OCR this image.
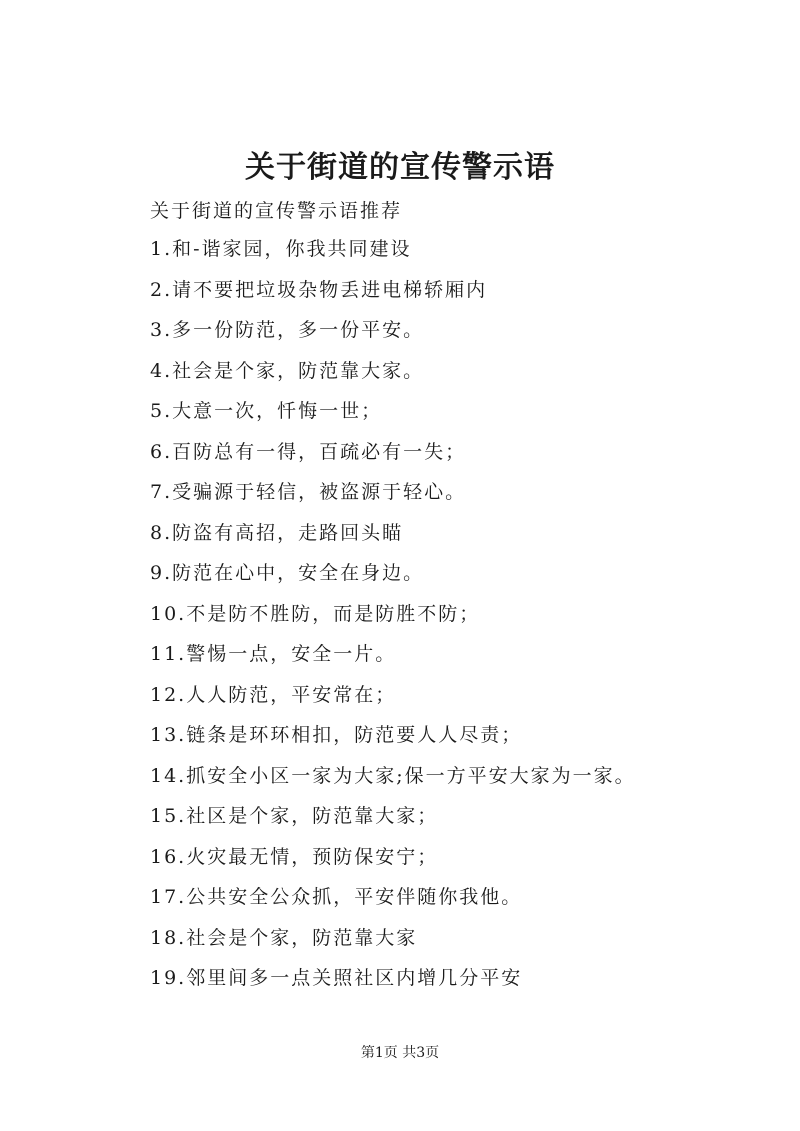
关于街道的宣传警示语
关于街道的宣传警示语推荐
1.和-谐家园，你我共同建设
2.请不要把垃圾杂物丢进电梯轿厢内
3.多一份防范，多一份平安。
4.社会是个家，防范靠大家。
5.大意一次，忏悔一世；
6.百防总有一得，百疏必有一失；
7.受骗源于轻信，被盗源于轻心。
8.防盗有高招，走路回头瞄
9.防范在心中，安全在身边。
10.不是防不胜防，而是防胜不防；
11.警惕一点，安全一片。
12.人人防范，平安常在；
13.链条是环环相扣，防范要人人尽责；
14.抓安全小区一家为大家;保一方平安大家为一家。
15.社区是个家，防范靠大家；
16.火灾最无情，预防保安宁；
17.公共安全公众抓，平安伴随你我他。
18.社会是个家，防范靠大家
19.邻里间多一点关照社区内增几分平安
第1页 共3页
